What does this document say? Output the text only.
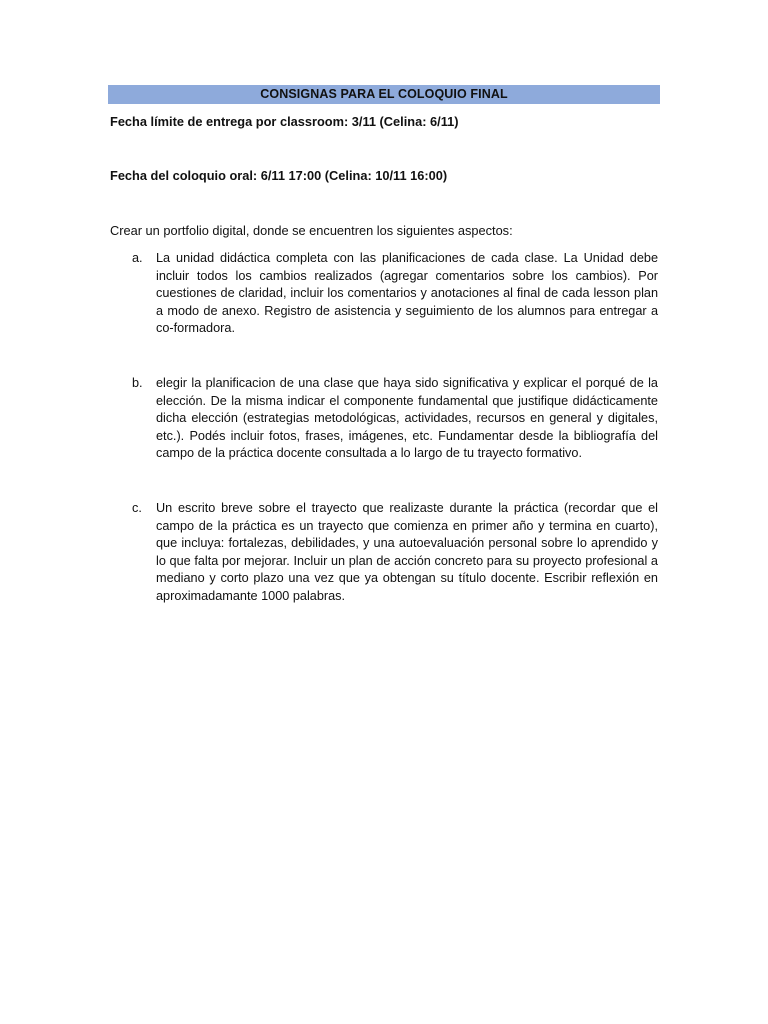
CONSIGNAS PARA EL COLOQUIO FINAL
Fecha límite de entrega por classroom: 3/11 (Celina: 6/11)
Fecha del coloquio oral: 6/11 17:00 (Celina: 10/11 16:00)
Crear un portfolio digital, donde se encuentren los siguientes aspectos:
a. La unidad didáctica completa con las planificaciones de cada clase. La Unidad debe incluir todos los cambios realizados (agregar comentarios sobre los cambios). Por cuestiones de claridad, incluir los comentarios y anotaciones al final de cada lesson plan a modo de anexo. Registro de asistencia y seguimiento de los alumnos para entregar a co-formadora.
b. elegir la planificacion de una clase que haya sido significativa y explicar el porqué de la elección. De la misma indicar el componente fundamental que justifique didácticamente dicha elección (estrategias metodológicas, actividades, recursos en general y digitales, etc.). Podés incluir fotos, frases, imágenes, etc. Fundamentar desde la bibliografía del campo de la práctica docente consultada a lo largo de tu trayecto formativo.
c. Un escrito breve sobre el trayecto que realizaste durante la práctica (recordar que el campo de la práctica es un trayecto que comienza en primer año y termina en cuarto), que incluya: fortalezas, debilidades, y una autoevaluación personal sobre lo aprendido y lo que falta por mejorar. Incluir un plan de acción concreto para su proyecto profesional a mediano y corto plazo una vez que ya obtengan su título docente. Escribir reflexión en aproximadamante 1000 palabras.
